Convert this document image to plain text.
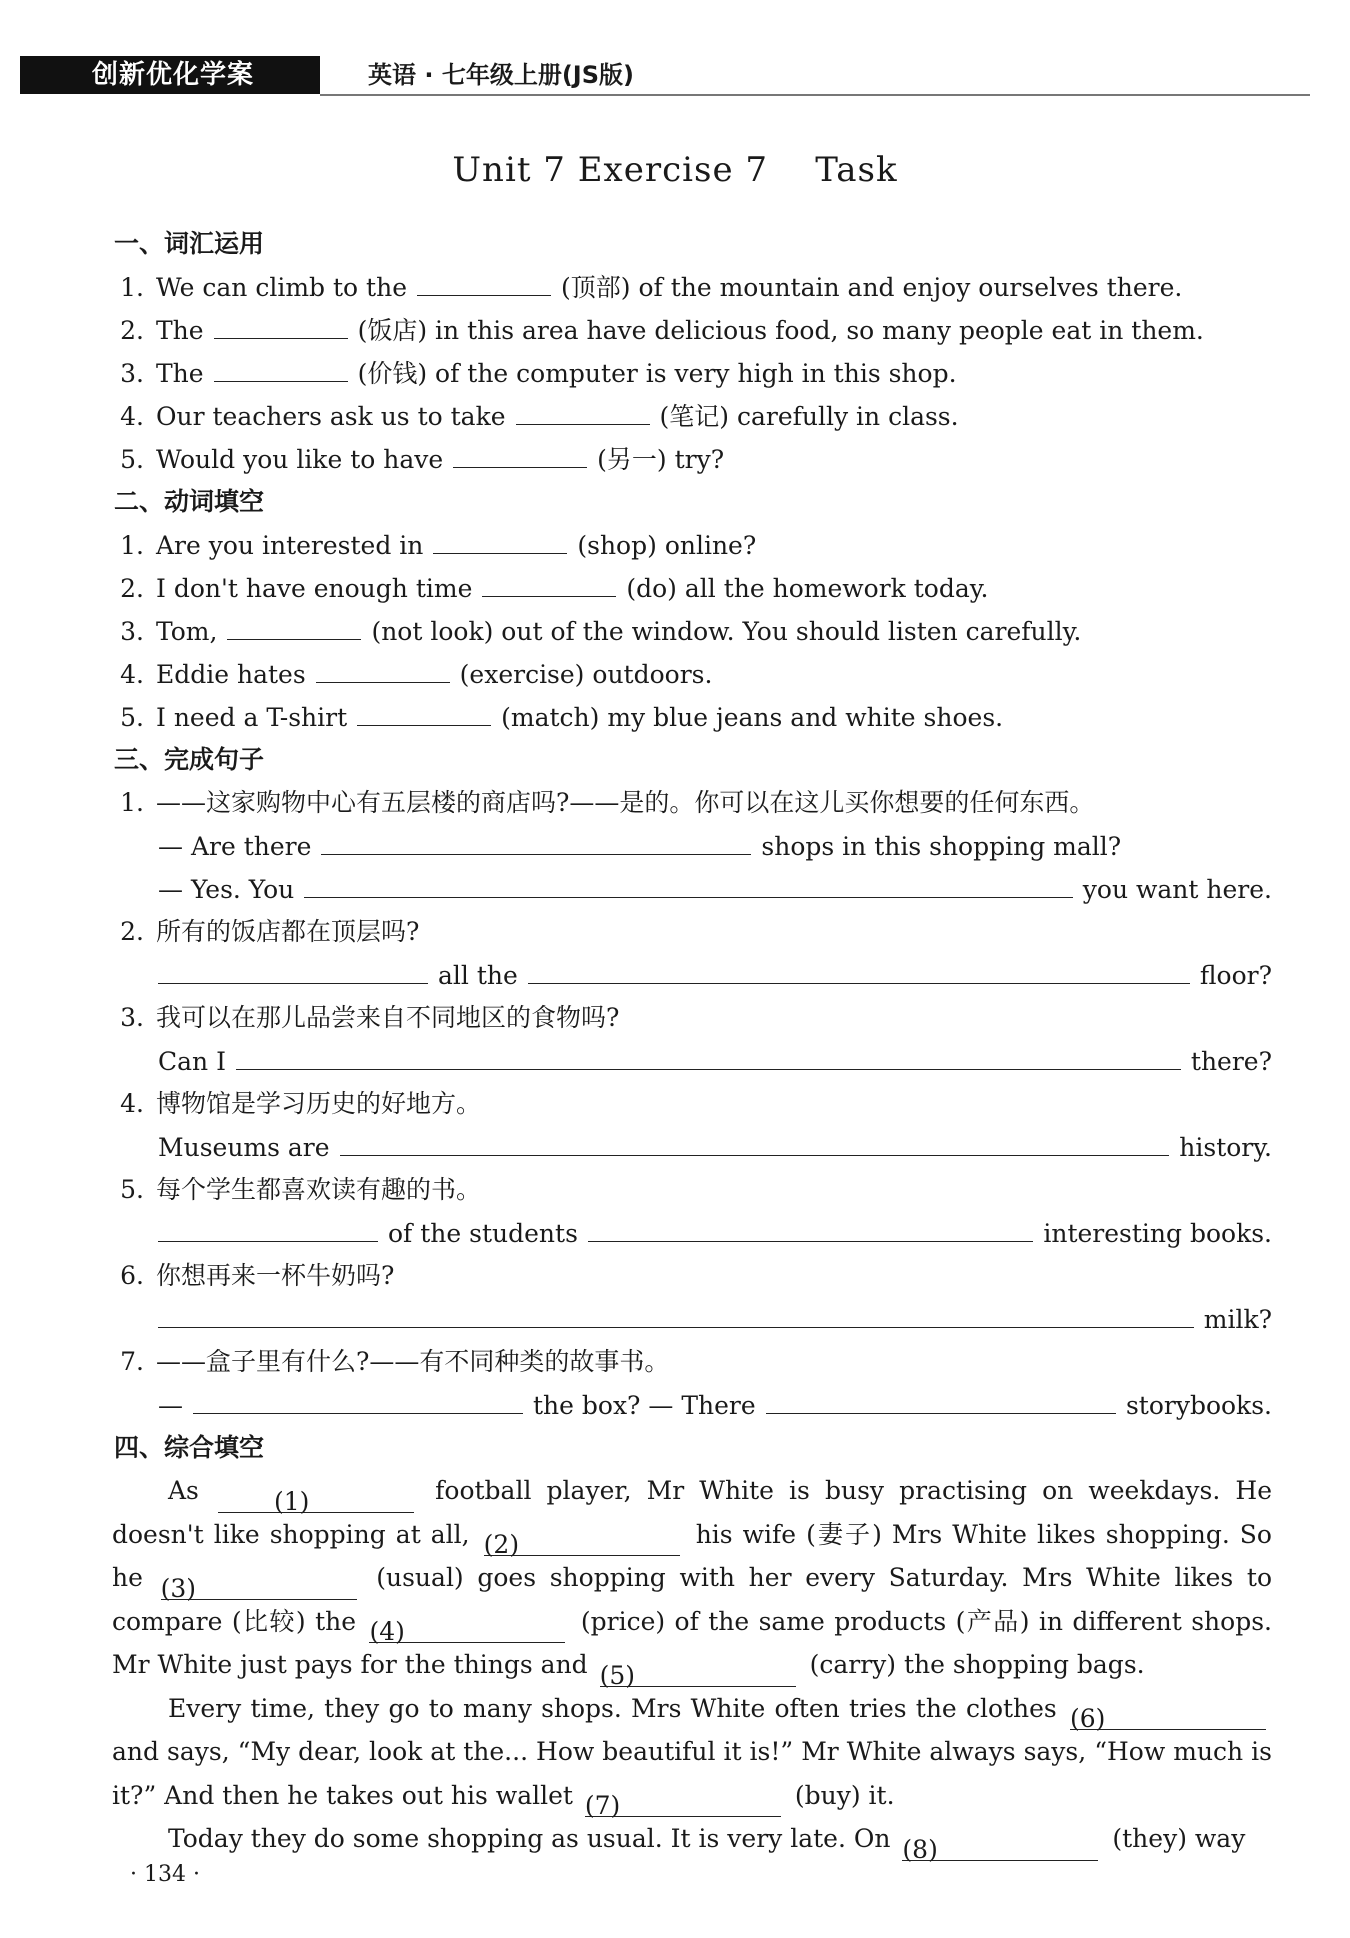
创新优化学案	英语 · 七年级上册(JS版)
Unit 7 Exercise 7    Task
一、词汇运用
1. We can climb to the	(顶部) of the mountain and enjoy ourselves there.
2. The	(饭店) in this area have delicious food, so many people eat in them.
3. The	(价钱) of the computer is very high in this shop.
4. Our teachers ask us to take	(笔记) carefully in class.
5. Would you like to have	(另一) try?
二、动词填空
1. Are you interested in	(shop) online?
2. I don't have enough time	(do) all the homework today.
3. Tom,	(not look) out of the window. You should listen carefully.
4. Eddie hates	(exercise) outdoors.
5. I need a T-shirt	(match) my blue jeans and white shoes.
三、完成句子
1. ——这家购物中心有五层楼的商店吗?——是的。你可以在这儿买你想要的任何东西。
— Are there	shops in this shopping mall?
— Yes. You	you want here.
2. 所有的饭店都在顶层吗?
all the	floor?
3. 我可以在那儿品尝来自不同地区的食物吗?
Can I	there?
4. 博物馆是学习历史的好地方。
Museums are	history.
5. 每个学生都喜欢读有趣的书。
of the students	interesting books.
6. 你想再来一杯牛奶吗?
milk?
7. ——盒子里有什么?——有不同种类的故事书。
—	the box? — There	storybooks.
四、综合填空
As	(1)	football player, Mr White is busy practising on weekdays. He doesn't like shopping at all, (2)	his wife (妻子) Mrs White likes shopping. So he (3)	(usual) goes shopping with her every Saturday. Mrs White likes to compare (比较) the (4)	(price) of the same products (产品) in different shops. Mr White just pays for the things and (5)	(carry) the shopping bags.
Every time, they go to many shops. Mrs White often tries the clothes (6) and says, “My dear, look at the... How beautiful it is!” Mr White always says, “How much is it?” And then he takes out his wallet (7)	(buy) it.
Today they do some shopping as usual. It is very late. On (8)	(they) way
· 134 ·
